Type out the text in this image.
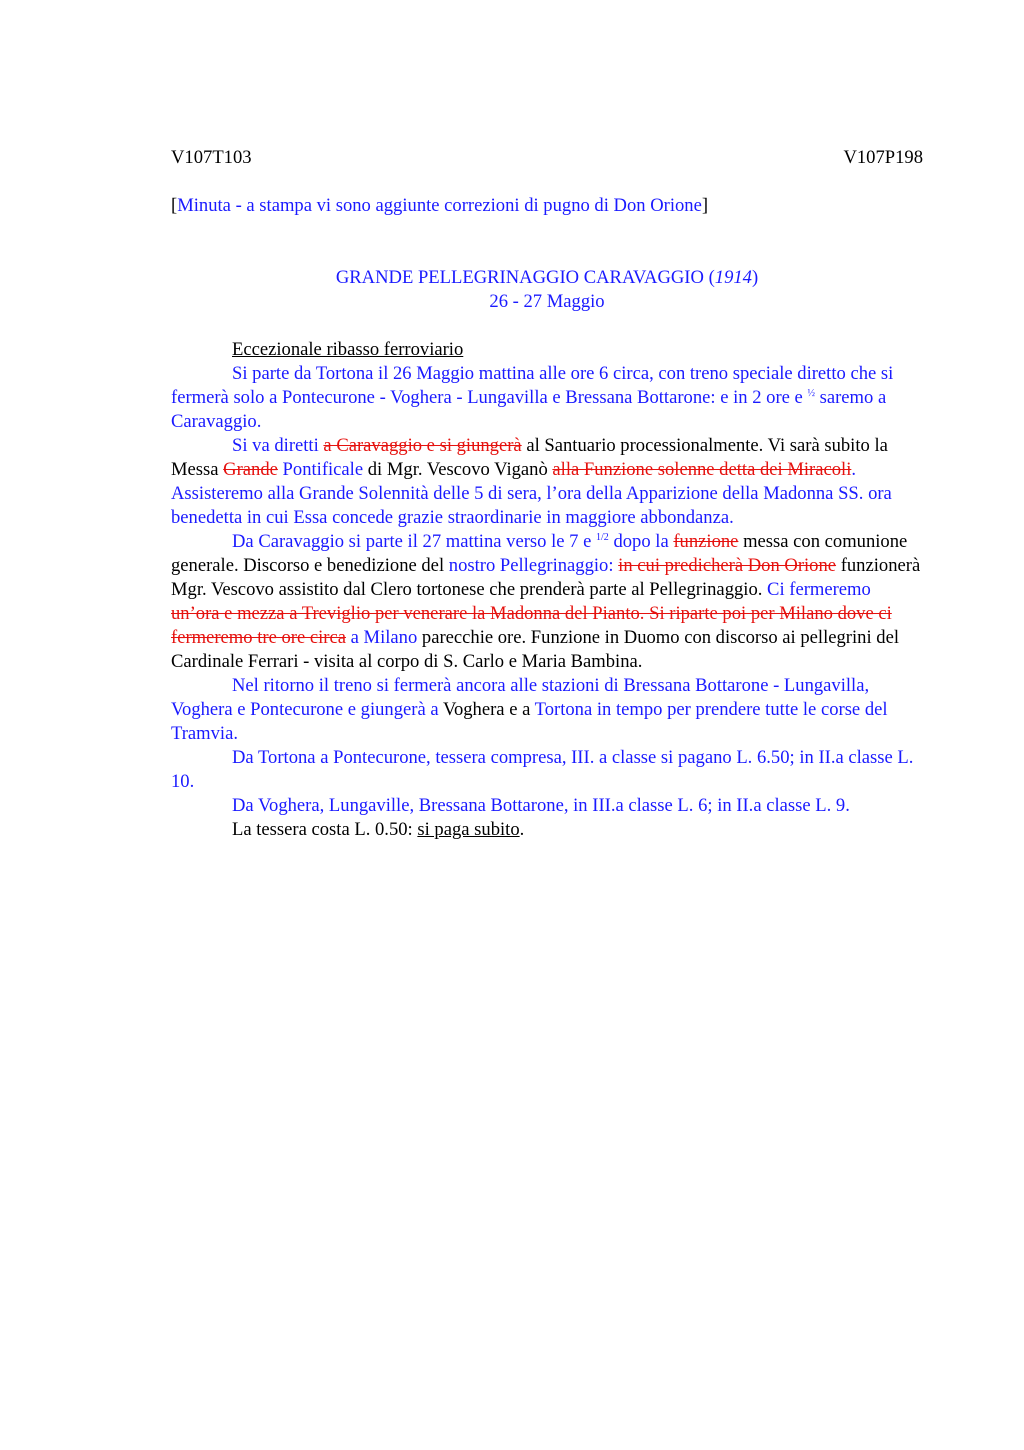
V107T103	V107P198
[Minuta - a stampa vi sono aggiunte correzioni di pugno di Don Orione]
GRANDE PELLEGRINAGGIO CARAVAGGIO (1914)
26 - 27 Maggio

Eccezionale ribasso ferroviario

Si parte da Tortona il 26 Maggio mattina alle ore 6 circa, con treno speciale diretto che si fermerà solo a Pontecurone - Voghera - Lungavilla e Bressana Bottarone: e in 2 ore e $^{\frac{1}{2}}$ saremo a Caravaggio.

Si va diretti a Caravaggio e si giungerà al Santuario processionalmente. Vi sarà subito la Messa Grande Pontificale di Mgr. Vescovo Viganò alla Funzione solenne detta dei Miracoli. Assisteremo alla Grande Solennità delle 5 di sera, l’ora della Apparizione della Madonna SS. ora benedetta in cui Essa concede grazie straordinarie in maggiore abbondanza.

Da Caravaggio si parte il 27 mattina verso le 7 e $^{1/2}$ dopo la funzione messa con comunione generale. Discorso e benedizione del nostro Pellegrinaggio: in cui predicherà Don Orione funzionerà Mgr. Vescovo assistito dal Clero tortonese che prenderà parte al Pellegrinaggio. Ci fermeremo un’ora e mezza a Treviglio per venerare la Madonna del Pianto. Si riparte poi per Milano dove ci fermeremo tre ore circa a Milano parecchie ore. Funzione in Duomo con discorso ai pellegrini del Cardinale Ferrari - visita al corpo di S. Carlo e Maria Bambina.

Nel ritorno il treno si fermerà ancora alle stazioni di Bressana Bottarone - Lungavilla, Voghera e Pontecurone e giungerà a Voghera e a Tortona in tempo per prendere tutte le corse del Tramvia.

Da Tortona a Pontecurone, tessera compresa, III. a classe si pagano L. 6.50; in II.a classe L. 10.

Da Voghera, Lungaville, Bressana Bottarone, in III.a classe L. 6; in II.a classe L. 9.

La tessera costa L. 0.50: si paga subito.
